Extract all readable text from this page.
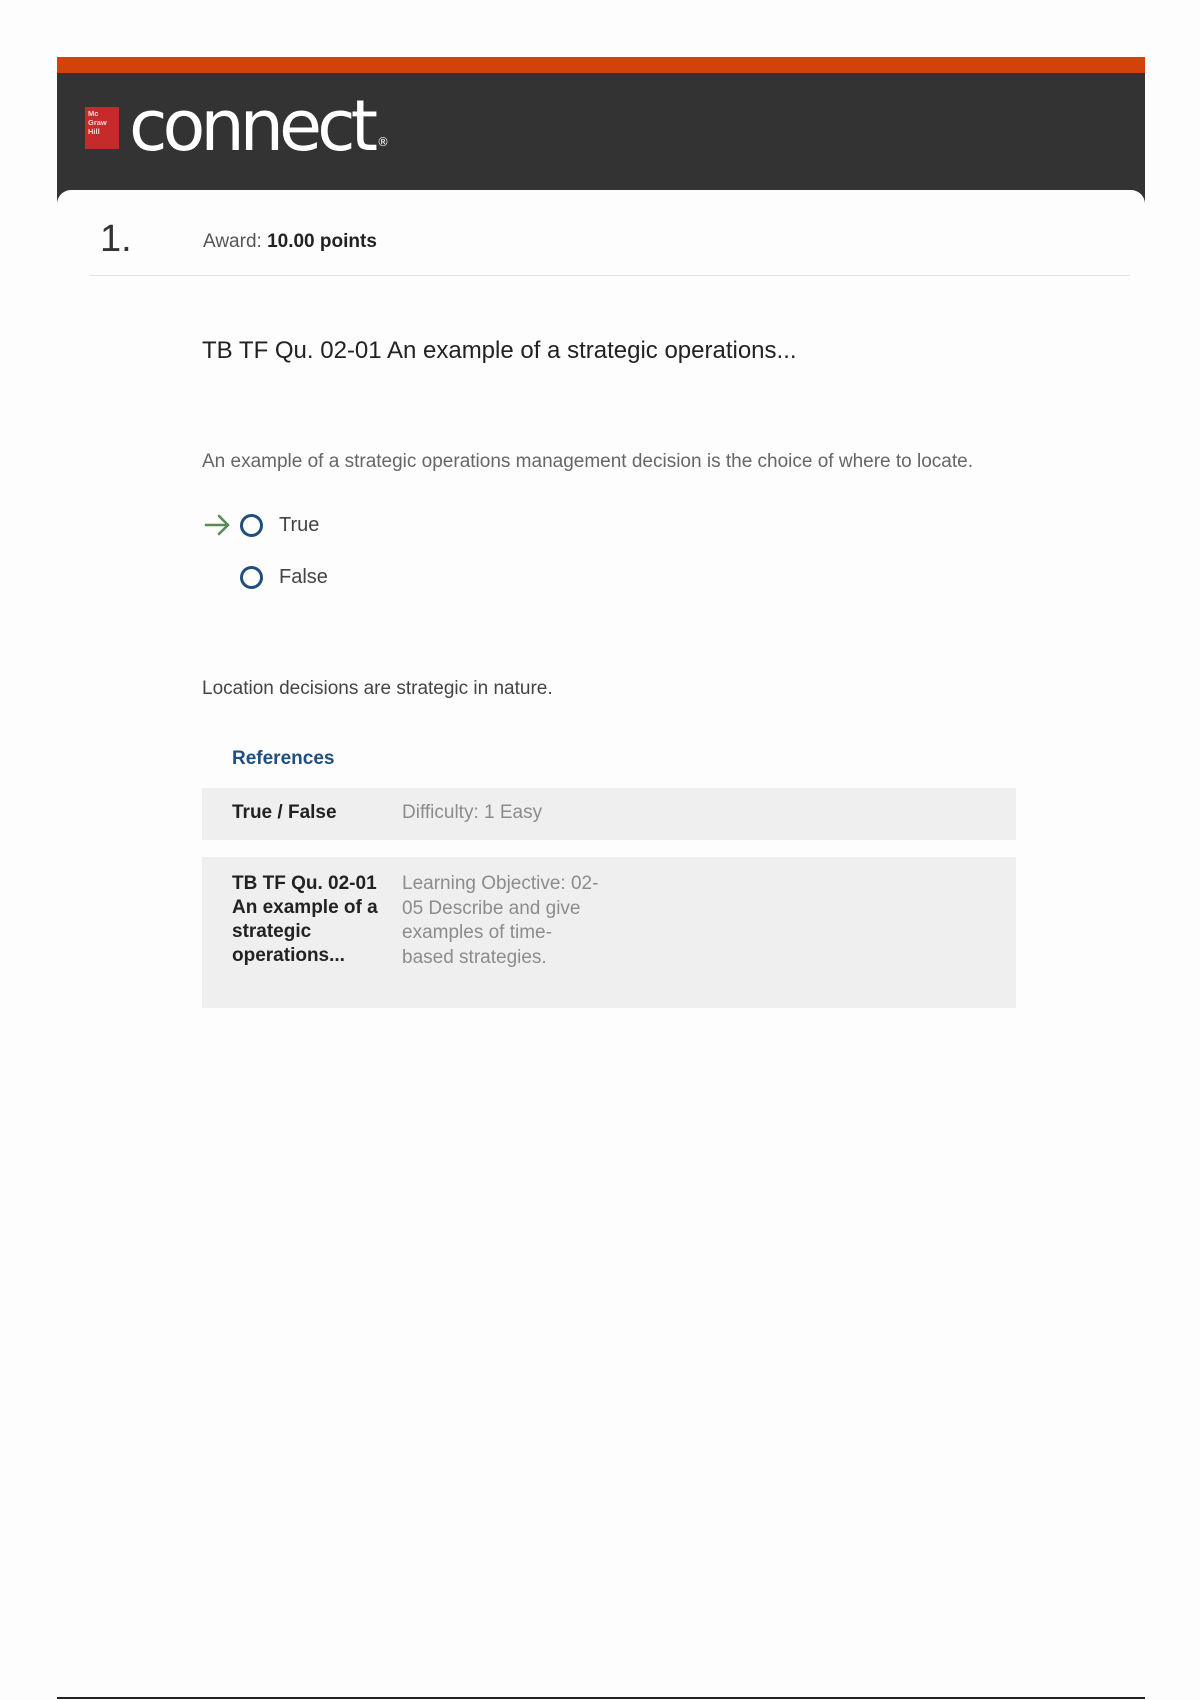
Mc
Graw
Hill connect ®
1.	Award: 10.00 points
TB TF Qu. 02-01 An example of a strategic operations...
An example of a strategic operations management decision is the choice of where to locate.
True
False
Location decisions are strategic in nature.
References
True / False	Difficulty: 1 Easy
TB TF Qu. 02-01 An example of a strategic operations...
Learning Objective: 02-05 Describe and give examples of time-based strategies.
